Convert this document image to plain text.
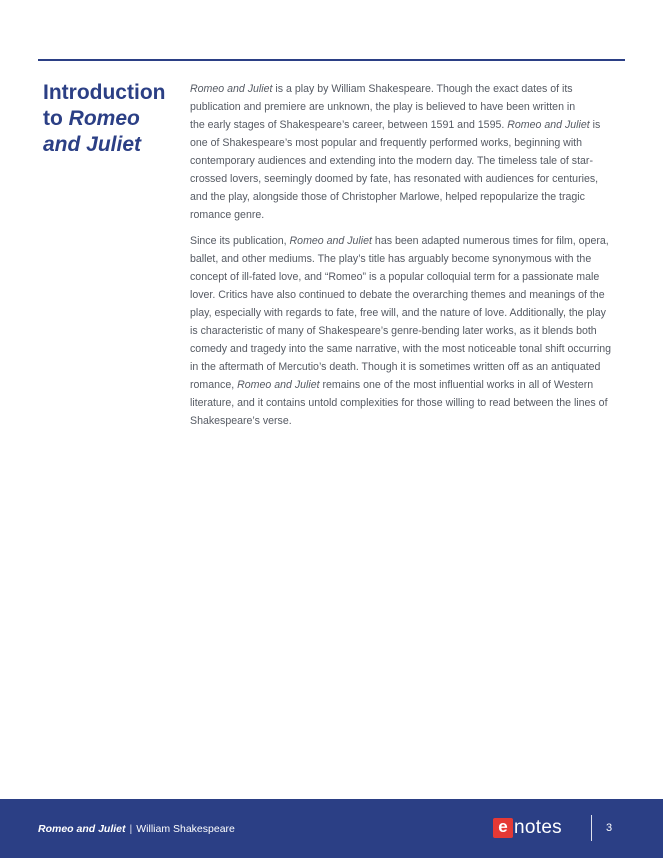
Introduction
to Romeo
and Juliet

Romeo and Juliet is a play by William Shakespeare. Though the exact dates of its
publication and premiere are unknown, the play is believed to have been written in
the early stages of Shakespeare’s career, between 1591 and 1595. Romeo and Juliet is
one of Shakespeare’s most popular and frequently performed works, beginning with
contemporary audiences and extending into the modern day. The timeless tale of star-
crossed lovers, seemingly doomed by fate, has resonated with audiences for centuries,
and the play, alongside those of Christopher Marlowe, helped repopularize the tragic
romance genre.

Since its publication, Romeo and Juliet has been adapted numerous times for film, opera,
ballet, and other mediums. The play’s title has arguably become synonymous with the
concept of ill-fated love, and “Romeo” is a popular colloquial term for a passionate male
lover. Critics have also continued to debate the overarching themes and meanings of the
play, especially with regards to fate, free will, and the nature of love. Additionally, the play
is characteristic of many of Shakespeare’s genre-bending later works, as it blends both
comedy and tragedy into the same narrative, with the most noticeable tonal shift occurring
in the aftermath of Mercutio’s death. Though it is sometimes written off as an antiquated
romance, Romeo and Juliet remains one of the most influential works in all of Western
literature, and it contains untold complexities for those willing to read between the lines of
Shakespeare’s verse.

Romeo and Juliet | William Shakespeare	e notes	3
